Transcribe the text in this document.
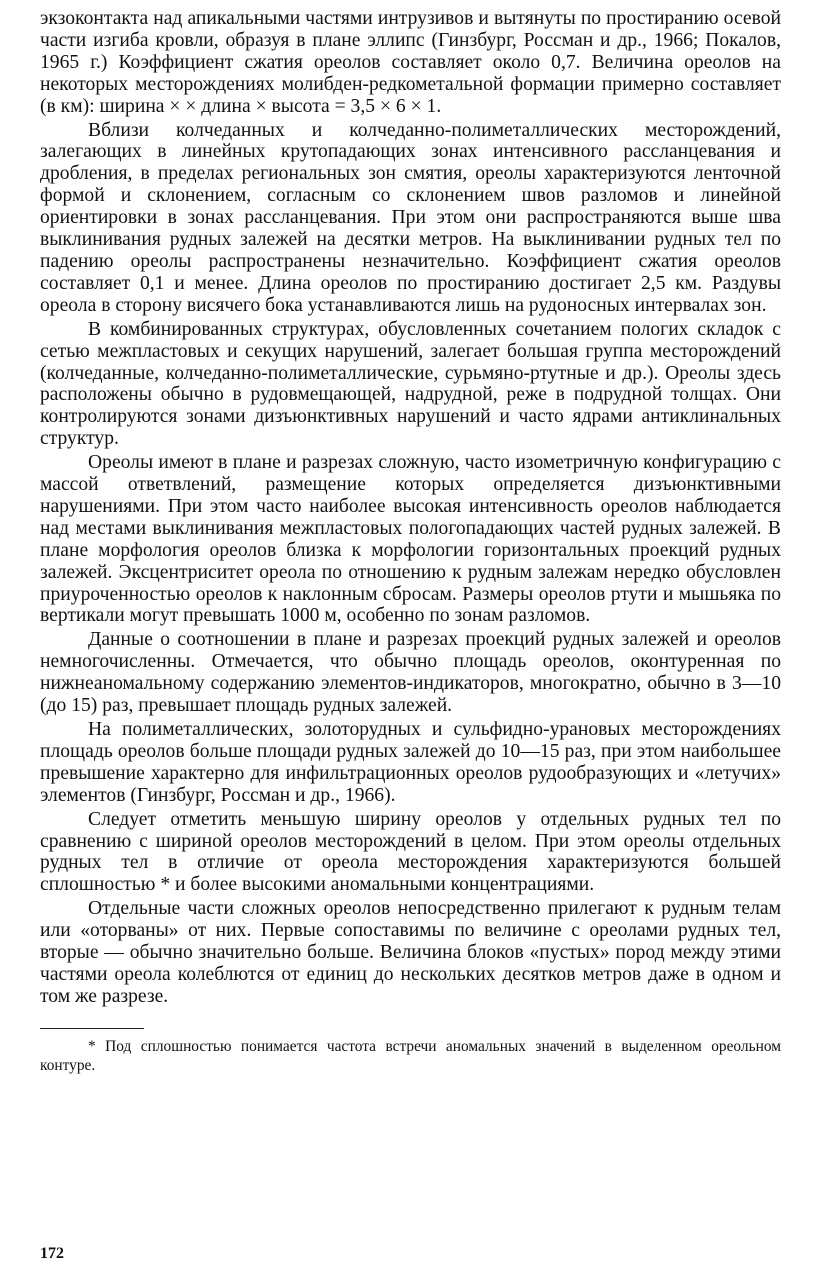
экзоконтакта над апикальными частями интрузивов и вытянуты по простиранию осевой части изгиба кровли, образуя в плане эллипс (Гинзбург, Россман и др., 1966; Покалов, 1965 г.) Коэффициент сжатия ореолов составляет около 0,7. Величина ореолов на некоторых месторождениях молибден-редкометальной формации примерно составляет (в км): ширина × × длина × высота = 3,5 × 6 × 1.

Вблизи колчеданных и колчеданно-полиметаллических месторождений, залегающих в линейных крутопадающих зонах интенсивного рассланцевания и дробления, в пределах региональных зон смятия, ореолы характеризуются ленточной формой и склонением, согласным со склонением швов разломов и линейной ориентировки в зонах рассланцевания. При этом они распространяются выше шва выклинивания рудных залежей на десятки метров. На выклинивании рудных тел по падению ореолы распространены незначительно. Коэффициент сжатия ореолов составляет 0,1 и менее. Длина ореолов по простиранию достигает 2,5 км. Раздувы ореола в сторону висячего бока устанавливаются лишь на рудоносных интервалах зон.

В комбинированных структурах, обусловленных сочетанием пологих складок с сетью межпластовых и секущих нарушений, залегает большая группа месторождений (колчеданные, колчеданно-полиметаллические, сурьмяно-ртутные и др.). Ореолы здесь расположены обычно в рудовмещающей, надрудной, реже в подрудной толщах. Они контролируются зонами дизъюнктивных нарушений и часто ядрами антиклинальных структур.

Ореолы имеют в плане и разрезах сложную, часто изометричную конфигурацию с массой ответвлений, размещение которых определяется дизъюнктивными нарушениями. При этом часто наиболее высокая интенсивность ореолов наблюдается над местами выклинивания межпластовых пологопадающих частей рудных залежей. В плане морфология ореолов близка к морфологии горизонтальных проекций рудных залежей. Эксцентриситет ореола по отношению к рудным залежам нередко обусловлен приуроченностью ореолов к наклонным сбросам. Размеры ореолов ртути и мышьяка по вертикали могут превышать 1000 м, особенно по зонам разломов.

Данные о соотношении в плане и разрезах проекций рудных залежей и ореолов немногочисленны. Отмечается, что обычно площадь ореолов, оконтуренная по нижнеаномальному содержанию элементов-индикаторов, многократно, обычно в 3—10 (до 15) раз, превышает площадь рудных залежей.

На полиметаллических, золоторудных и сульфидно-урановых месторождениях площадь ореолов больше площади рудных залежей до 10—15 раз, при этом наибольшее превышение характерно для инфильтрационных ореолов рудообразующих и «летучих» элементов (Гинзбург, Россман и др., 1966).

Следует отметить меньшую ширину ореолов у отдельных рудных тел по сравнению с шириной ореолов месторождений в целом. При этом ореолы отдельных рудных тел в отличие от ореола месторождения характеризуются большей сплошностью * и более высокими аномальными концентрациями.

Отдельные части сложных ореолов непосредственно прилегают к рудным телам или «оторваны» от них. Первые сопоставимы по величине с ореолами рудных тел, вторые — обычно значительно больше. Величина блоков «пустых» пород между этими частями ореола колеблются от единиц до нескольких десятков метров даже в одном и том же разрезе.

* Под сплошностью понимается частота встречи аномальных значений в выделенном ореольном контуре.

172
